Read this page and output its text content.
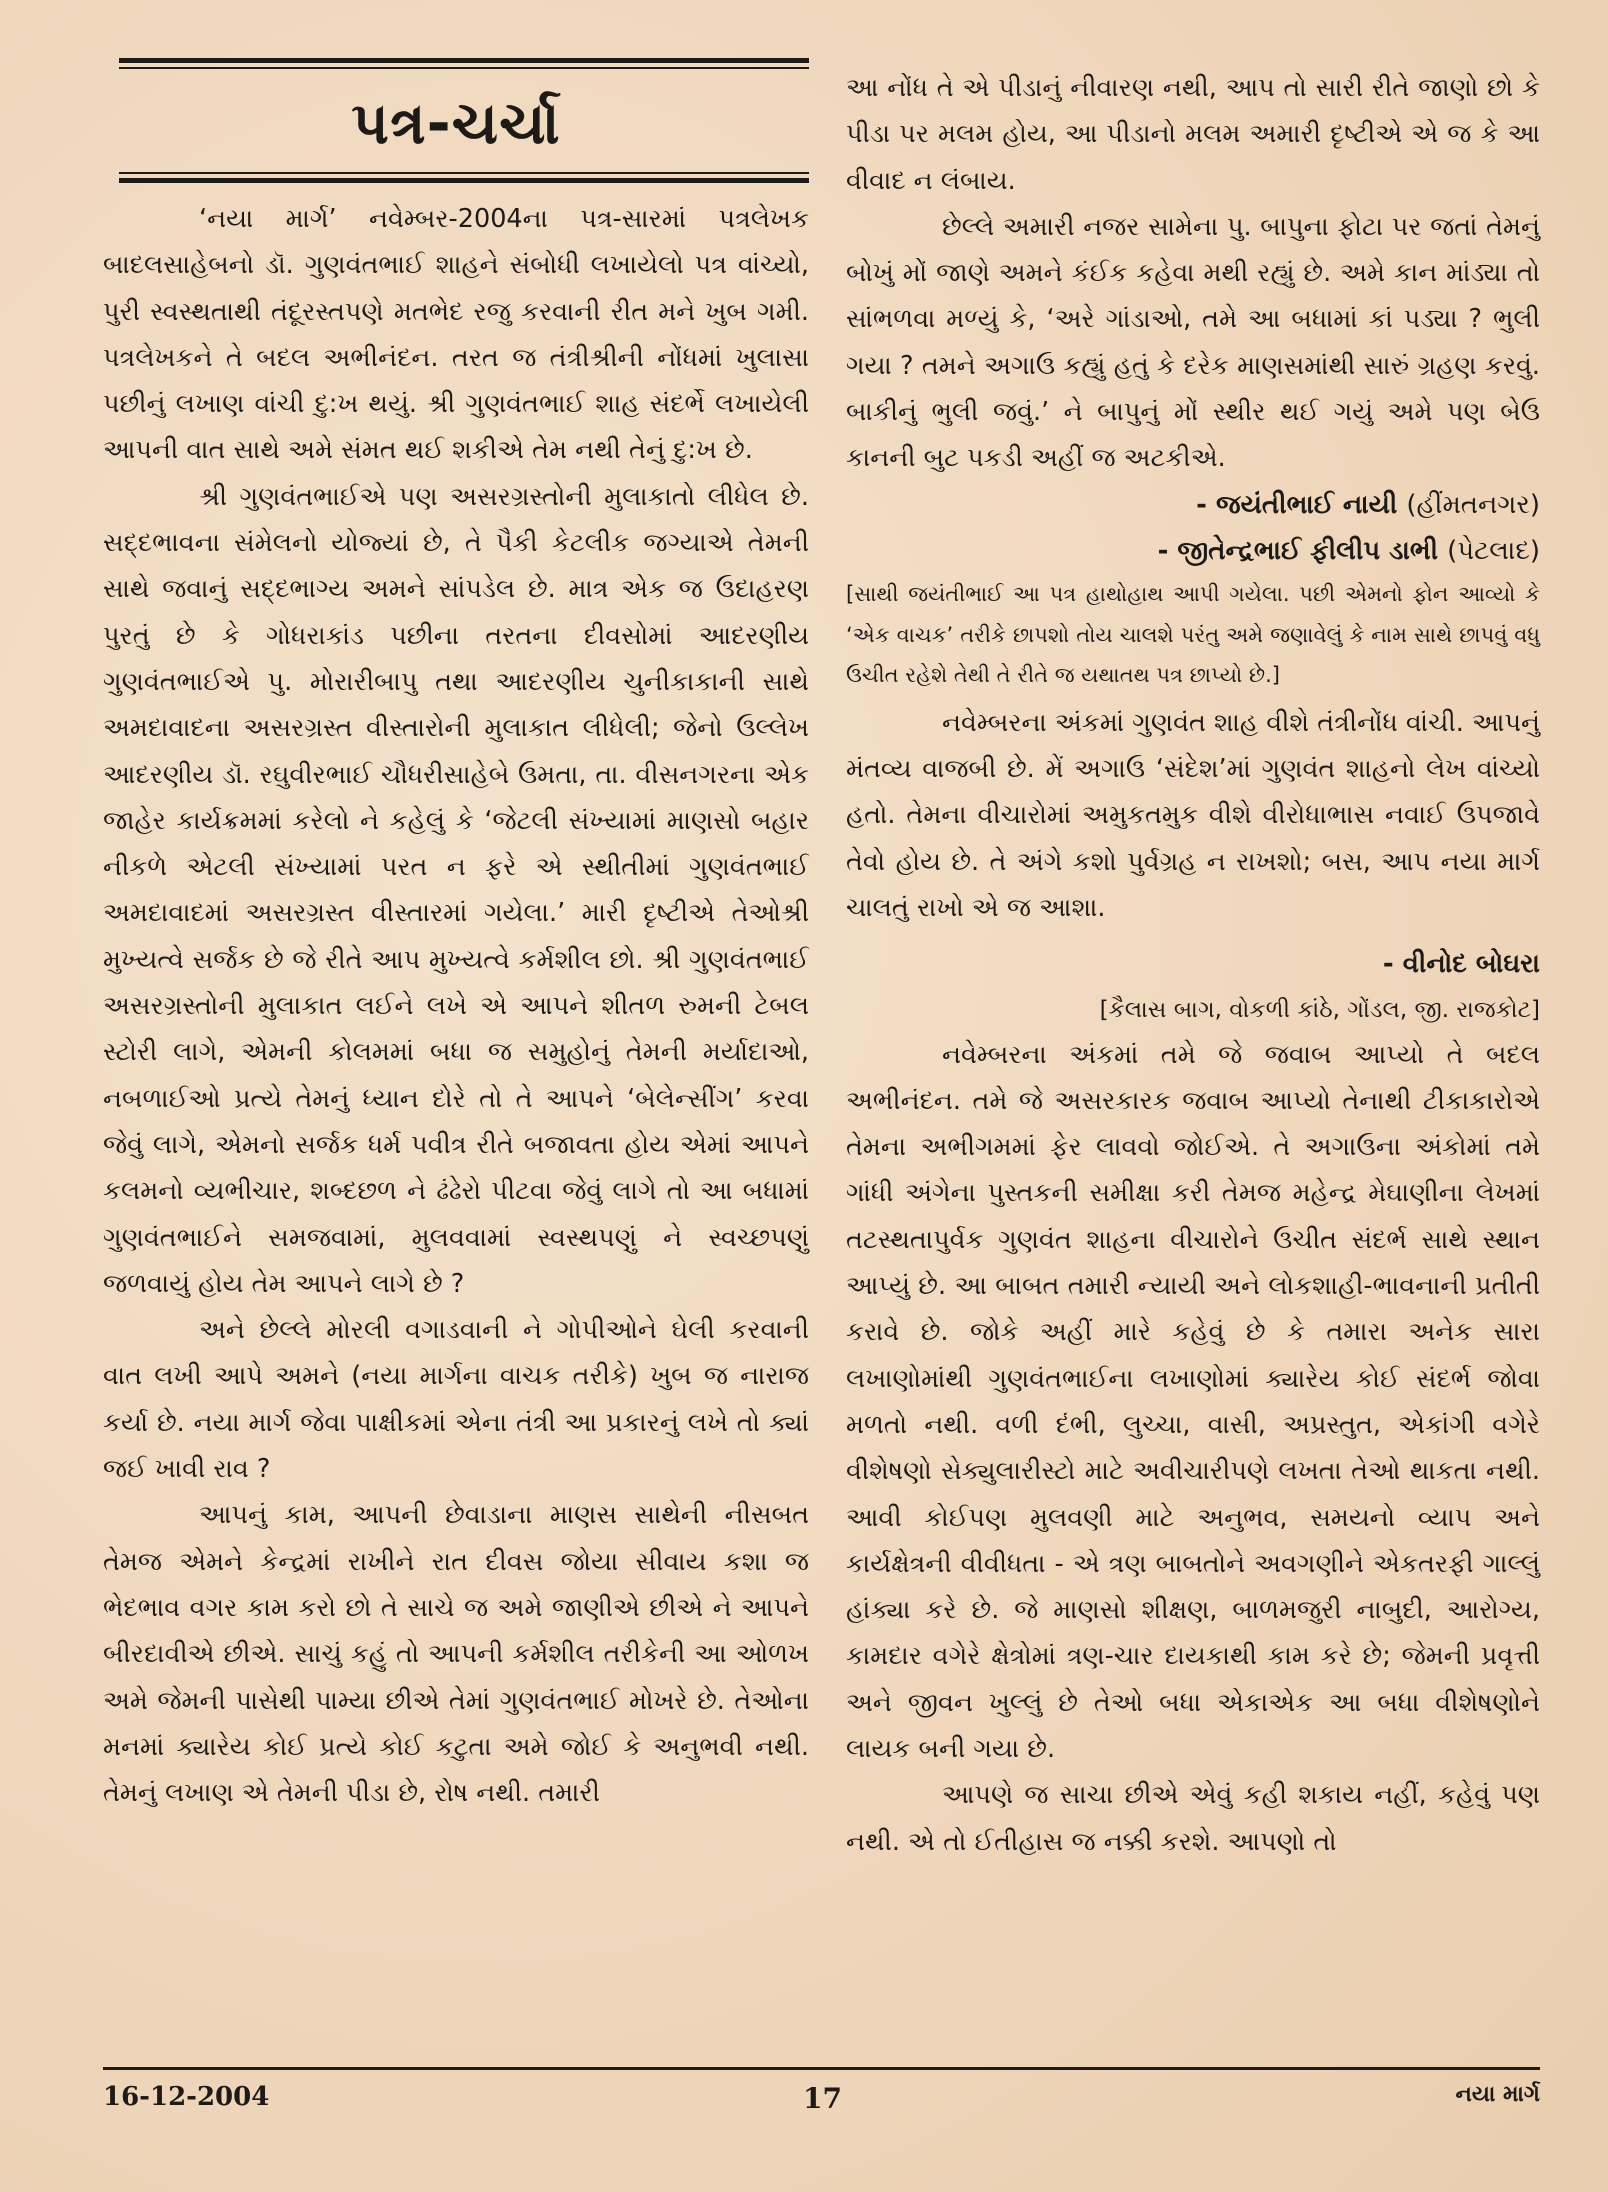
પત્ર-ચર્ચા

‘નયા માર્ગ’ નવેમ્બર-2004ના પત્ર-સારમાં પત્રલેખક બાદલસાહેબનો ડૉ. ગુણવંતભાઈ શાહને સંબોધી લખાયેલો પત્ર વાંચ્યો, પુરી સ્વસ્થતાથી તંદૂરસ્તપણે મતભેદ રજુ કરવાની રીત મને ખુબ ગમી. પત્રલેખકને તે બદલ અભીનંદન. તરત જ તંત્રીશ્રીની નોંધમાં ખુલાસા પછીનું લખાણ વાંચી દુ:ખ થયું. શ્રી ગુણવંતભાઈ શાહ સંદર્ભે લખાયેલી આપની વાત સાથે અમે સંમત થઈ શકીએ તેમ નથી તેનું દુ:ખ છે.

શ્રી ગુણવંતભાઈએ પણ અસરગ્રસ્તોની મુલાકાતો લીધેલ છે. સદ્દભાવના સંમેલનો યોજ્યાં છે, તે પૈકી કેટલીક જગ્યાએ તેમની સાથે જવાનું સદ્દભાગ્ય અમને સાંપડેલ છે. માત્ર એક જ ઉદાહરણ પુરતું છે કે ગોધરાકાંડ પછીના તરતના દીવસોમાં આદરણીય ગુણવંતભાઈએ પુ. મોરારીબાપુ તથા આદરણીય ચુનીકાકાની સાથે અમદાવાદના અસરગ્રસ્ત વીસ્તારોની મુલાકાત લીધેલી; જેનો ઉલ્લેખ આદરણીય ડૉ. રઘુવીરભાઈ ચૌધરીસાહેબે ઉમતા, તા. વીસનગરના એક જાહેર કાર્યક્રમમાં કરેલો ને કહેલું કે ‘જેટલી સંખ્યામાં માણસો બહાર નીકળે એટલી સંખ્યામાં પરત ન ફરે એ સ્થીતીમાં ગુણવંતભાઈ અમદાવાદમાં અસરગ્રસ્ત વીસ્તારમાં ગયેલા.’ મારી દૃષ્ટીએ તેઓશ્રી મુખ્યત્વે સર્જક છે જે રીતે આપ મુખ્યત્વે કર્મશીલ છો. શ્રી ગુણવંતભાઈ અસરગ્રસ્તોની મુલાકાત લઈને લખે એ આપને શીતળ રુમની ટેબલ સ્ટોરી લાગે, એમની કોલમમાં બધા જ સમુહોનું તેમની મર્યાદાઓ, નબળાઈઓ પ્રત્યે તેમનું ધ્યાન દોરે તો તે આપને ‘બેલેન્સીંગ’ કરવા જેવું લાગે, એમનો સર્જક ધર્મ પવીત્ર રીતે બજાવતા હોય એમાં આપને કલમનો વ્યભીચાર, શબ્દછળ ને ઢંઢેરો પીટવા જેવું લાગે તો આ બધામાં ગુણવંતભાઈને સમજવામાં, મુલવવામાં સ્વસ્થપણું ને સ્વચ્છપણું જળવાયું હોય તેમ આપને લાગે છે ?

અને છેલ્લે મોરલી વગાડવાની ને ગોપીઓને ઘેલી કરવાની વાત લખી આપે અમને (નયા માર્ગના વાચક તરીકે) ખુબ જ નારાજ કર્યા છે. નયા માર્ગ જેવા પાક્ષીકમાં એના તંત્રી આ પ્રકારનું લખે તો ક્યાં જઈ ખાવી રાવ ?

આપનું કામ, આપની છેવાડાના માણસ સાથેની નીસબત તેમજ એમને કેન્દ્રમાં રાખીને રાત દીવસ જોયા સીવાય કશા જ ભેદભાવ વગર કામ કરો છો તે સાચે જ અમે જાણીએ છીએ ને આપને બીરદાવીએ છીએ. સાચું કહું તો આપની કર્મશીલ તરીકેની આ ઓળખ અમે જેમની પાસેથી પામ્યા છીએ તેમાં ગુણવંતભાઈ મોખરે છે. તેઓના મનમાં ક્યારેય કોઈ પ્રત્યે કોઈ કટુતા અમે જોઈ કે અનુભવી નથી. તેમનું લખાણ એ તેમની પીડા છે, રોષ નથી. તમારી

આ નોંધ તે એ પીડાનું નીવારણ નથી, આપ તો સારી રીતે જાણો છો કે પીડા પર મલમ હોય, આ પીડાનો મલમ અમારી દૃષ્ટીએ એ જ કે આ વીવાદ ન લંબાય.

છેલ્લે અમારી નજર સામેના પુ. બાપુના ફોટા પર જતાં તેમનું બોખું મોં જાણે અમને કંઈક કહેવા મથી રહ્યું છે. અમે કાન માંડ્યા તો સાંભળવા મળ્યું કે, ‘અરે ગાંડાઓ, તમે આ બધામાં કાં પડ્યા ? ભુલી ગયા ? તમને અગાઉ કહ્યું હતું કે દરેક માણસમાંથી સારું ગ્રહણ કરવું. બાકીનું ભુલી જવું.’ ને બાપુનું મોં સ્થીર થઈ ગયું અમે પણ બેઉ કાનની બુટ પકડી અહીં જ અટકીએ.

- જયંતીભાઈ નાયી (હીંમતનગર)

- જીતેન્દ્રભાઈ ફીલીપ ડાભી (પેટલાદ)

[સાથી જયંતીભાઈ આ પત્ર હાથોહાથ આપી ગયેલા. પછી એમનો ફોન આવ્યો કે ‘એક વાચક’ તરીકે છાપશો તોય ચાલશે પરંતુ અમે જણાવેલું કે નામ સાથે છાપવું વધુ ઉચીત રહેશે તેથી તે રીતે જ યથાતથ પત્ર છાપ્યો છે.]

નવેમ્બરના અંકમાં ગુણવંત શાહ વીશે તંત્રીનોંધ વાંચી. આપનું મંતવ્ય વાજબી છે. મેં અગાઉ ‘સંદેશ’માં ગુણવંત શાહનો લેખ વાંચ્યો હતો. તેમના વીચારોમાં અમુકતમુક વીશે વીરોધાભાસ નવાઈ ઉપજાવે તેવો હોય છે. તે અંગે કશો પુર્વગ્રહ ન રાખશો; બસ, આપ નયા માર્ગ ચાલતું રાખો એ જ આશા.

- વીનોદ બોઘરા

[કૈલાસ બાગ, વોકળી કાંઠે, ગોંડલ, જી. રાજકોટ]

નવેમ્બરના અંકમાં તમે જે જવાબ આપ્યો તે બદલ અભીનંદન. તમે જે અસરકારક જવાબ આપ્યો તેનાથી ટીકાકારોએ તેમના અભીગમમાં ફેર લાવવો જોઈએ. તે અગાઉના અંકોમાં તમે ગાંધી અંગેના પુસ્તકની સમીક્ષા કરી તેમજ મહેન્દ્ર મેઘાણીના લેખમાં તટસ્થતાપુર્વક ગુણવંત શાહના વીચારોને ઉચીત સંદર્ભ સાથે સ્થાન આપ્યું છે. આ બાબત તમારી ન્યાયી અને લોકશાહી-ભાવનાની પ્રતીતી કરાવે છે. જોકે અહીં મારે કહેવું છે કે તમારા અનેક સારા લખાણોમાંથી ગુણવંતભાઈના લખાણોમાં ક્યારેય કોઈ સંદર્ભ જોવા મળતો નથી. વળી દંભી, લુચ્ચા, વાસી, અપ્રસ્તુત, એકાંગી વગેરે વીશેષણો સેક્યુલારીસ્ટો માટે અવીચારીપણે લખતા તેઓ થાકતા નથી. આવી કોઈપણ મુલવણી માટે અનુભવ, સમયનો વ્યાપ અને કાર્યક્ષેત્રની વીવીધતા - એ ત્રણ બાબતોને અવગણીને એકતરફી ગાલ્લું હાંક્યા કરે છે. જે માણસો શીક્ષણ, બાળમજુરી નાબુદી, આરોગ્ય, કામદાર વગેરે ક્ષેત્રોમાં ત્રણ-ચાર દાયકાથી કામ કરે છે; જેમની પ્રવૃત્તી અને જીવન ખુલ્લું છે તેઓ બધા એકાએક આ બધા વીશેષણોને લાયક બની ગયા છે.

આપણે જ સાચા છીએ એવું કહી શકાય નહીં, કહેવું પણ નથી. એ તો ઈતીહાસ જ નક્કી કરશે. આપણો તો

16-12-2004	17	નયા માર્ગ
